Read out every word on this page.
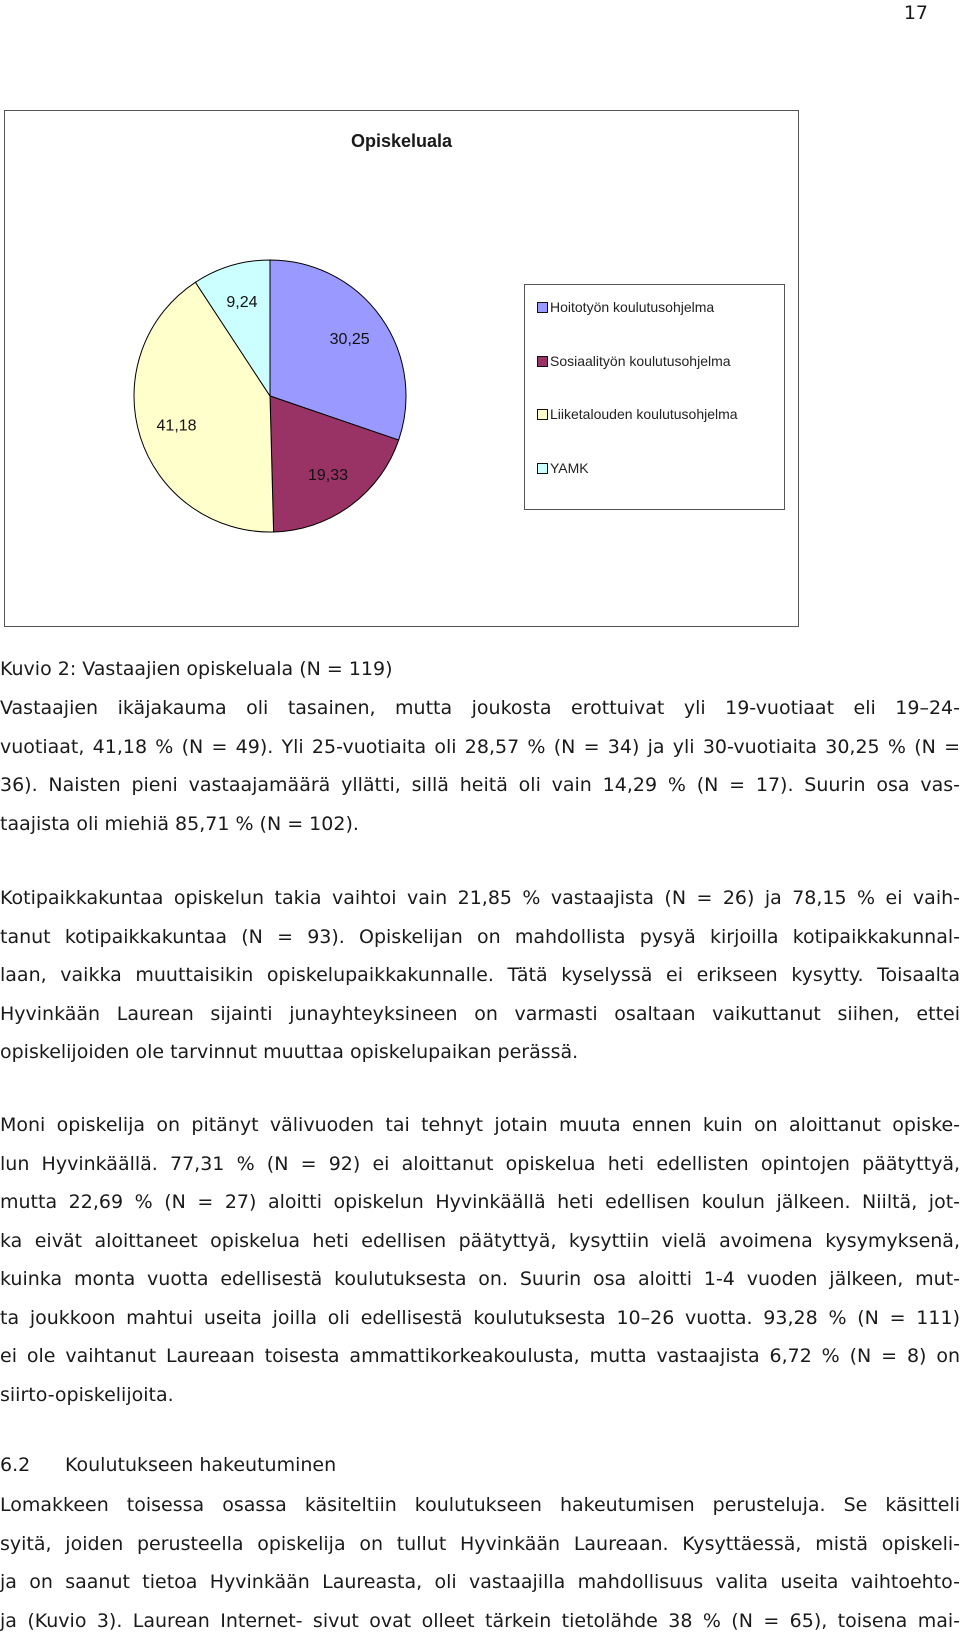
17
Opiskeluala
30,25
19,33
41,18
9,24	Hoitotyön koulutusohjelma
Sosiaalityön koulutusohjelma
Liiketalouden koulutusohjelma
YAMK

Kuvio 2: Vastaajien opiskeluala (N = 119)

Vastaajien ikäjakauma oli tasainen, mutta joukosta erottuivat yli 19-vuotiaat eli 19–24-

vuotiaat, 41,18 % (N = 49). Yli 25-vuotiaita oli 28,57 % (N = 34) ja yli 30-vuotiaita 30,25 % (N =

36). Naisten pieni vastaajamäärä yllätti, sillä heitä oli vain 14,29 % (N = 17). Suurin osa vas-

taajista oli miehiä 85,71 % (N = 102).

Kotipaikkakuntaa opiskelun takia vaihtoi vain 21,85 % vastaajista (N = 26) ja 78,15 % ei vaih-

tanut kotipaikkakuntaa (N = 93). Opiskelijan on mahdollista pysyä kirjoilla kotipaikkakunnal-

laan, vaikka muuttaisikin opiskelupaikkakunnalle. Tätä kyselyssä ei erikseen kysytty. Toisaalta

Hyvinkään Laurean sijainti junayhteyksineen on varmasti osaltaan vaikuttanut siihen, ettei

opiskelijoiden ole tarvinnut muuttaa opiskelupaikan perässä.

Moni opiskelija on pitänyt välivuoden tai tehnyt jotain muuta ennen kuin on aloittanut opiske-

lun Hyvinkäällä. 77,31 % (N = 92) ei aloittanut opiskelua heti edellisten opintojen päätyttyä,

mutta 22,69 % (N = 27) aloitti opiskelun Hyvinkäällä heti edellisen koulun jälkeen. Niiltä, jot-

ka eivät aloittaneet opiskelua heti edellisen päätyttyä, kysyttiin vielä avoimena kysymyksenä,

kuinka monta vuotta edellisestä koulutuksesta on. Suurin osa aloitti 1-4 vuoden jälkeen, mut-

ta joukkoon mahtui useita joilla oli edellisestä koulutuksesta 10–26 vuotta. 93,28 % (N = 111)

ei ole vaihtanut Laureaan toisesta ammattikorkeakoulusta, mutta vastaajista 6,72 % (N = 8) on

siirto-opiskelijoita.

6.2 Koulutukseen hakeutuminen

Lomakkeen toisessa osassa käsiteltiin koulutukseen hakeutumisen perusteluja. Se käsitteli

syitä, joiden perusteella opiskelija on tullut Hyvinkään Laureaan. Kysyttäessä, mistä opiskeli-

ja on saanut tietoa Hyvinkään Laureasta, oli vastaajilla mahdollisuus valita useita vaihtoehto-

ja (Kuvio 3). Laurean Internet- sivut ovat olleet tärkein tietolähde 38 % (N = 65), toisena mai-
